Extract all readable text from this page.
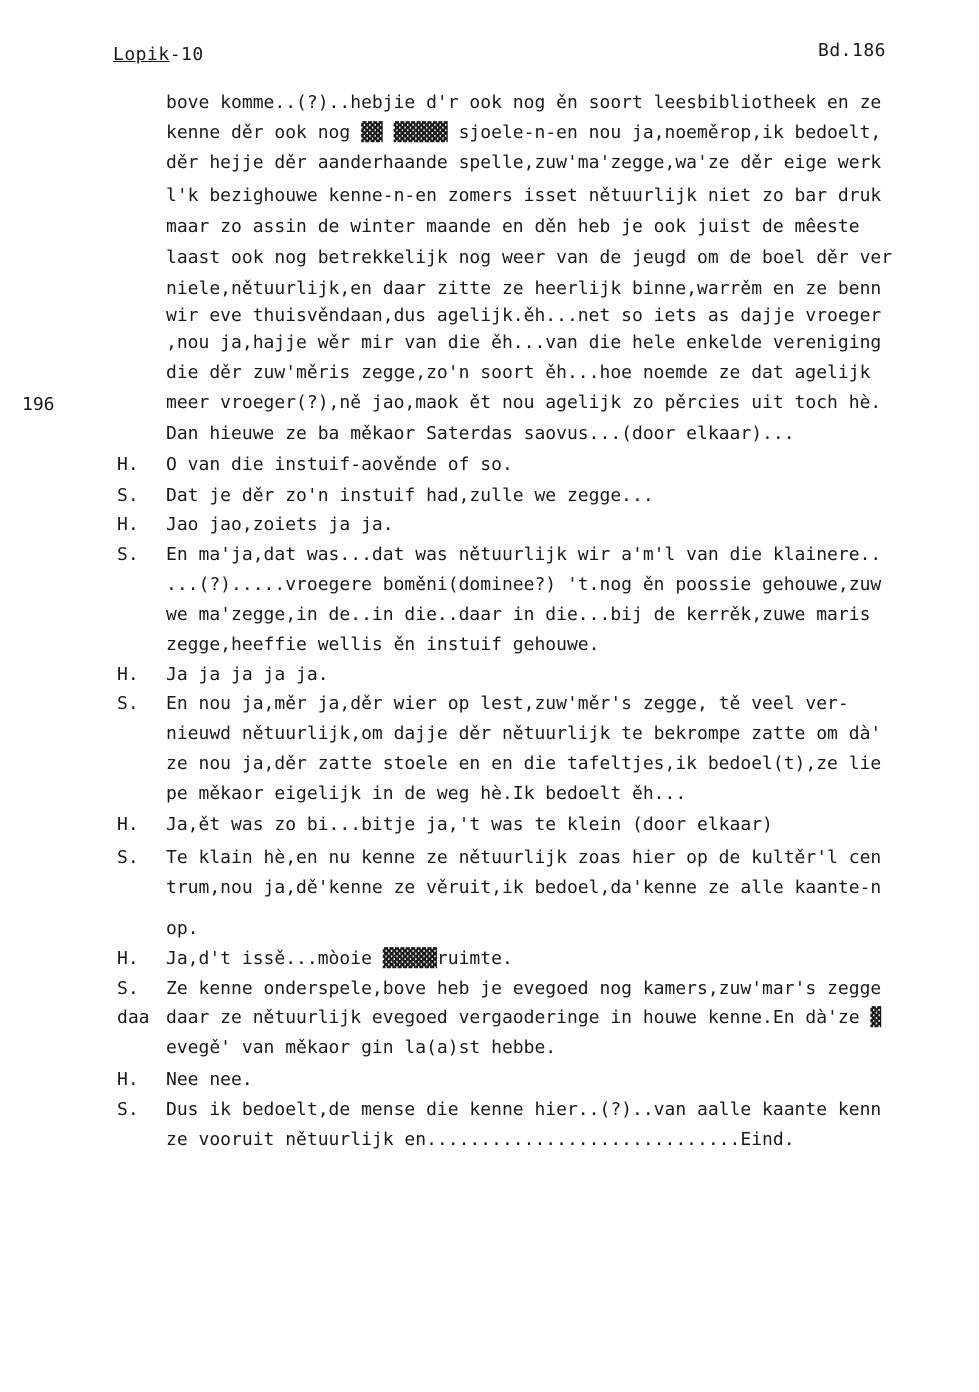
Lopik-10	Bd.186
196
bove komme..(?)..hebjie d'r ook nog ěn soort leesbibliotheek en ze
kenne děr ook nog ▓▓ ▓▓▓▓▓ sjoele-n-en nou ja,noeměrop,ik bedoelt,
děr hejje děr aanderhaande spelle,zuw'ma'zegge,wa'ze děr eige werk
l'k bezighouwe kenne-n-en zomers isset nětuurlijk niet zo bar druk
maar zo assin de winter maande en děn heb je ook juist de mêeste
laast ook nog betrekkelijk nog weer van de jeugd om de boel děr ver
niele,nětuurlijk,en daar zitte ze heerlijk binne,warrěm en ze benn
wir eve thuisvěndaan,dus agelijk.ěh...net so iets as dajje vroeger
,nou ja,hajje wěr mir van die ěh...van die hele enkelde vereniging
die děr zuw'měris zegge,zo'n soort ěh...hoe noemde ze dat agelijk
meer vroeger(?),ně jao,maok ět nou agelijk zo pěrcies uit toch hè.
Dan hieuwe ze ba měkaor Saterdas saovus...(door elkaar)...
H.	O van die instuif-aověnde of so.
S.	Dat je děr zo'n instuif had,zulle we zegge...
H.	Jao jao,zoiets ja ja.
S.	En ma'ja,dat was...dat was nětuurlijk wir a'm'l van die klainere..
...(?).....vroegere boměni(dominee?) 't.nog ěn poossie gehouwe,zuw
we ma'zegge,in de..in die..daar in die...bij de kerrěk,zuwe maris
zegge,heeffie wellis ěn instuif gehouwe.
H.	Ja ja ja ja ja.
S.	En nou ja,měr ja,děr wier op lest,zuw'měr's zegge, tě veel ver-
nieuwd nětuurlijk,om dajje děr nětuurlijk te bekrompe zatte om dà'
ze nou ja,děr zatte stoele en en die tafeltjes,ik bedoel(t),ze lie
pe měkaor eigelijk in de weg hè.Ik bedoelt ěh...
H.	Ja,ět was zo bi...bitje ja,'t was te klein (door elkaar)
S.	Te klain hè,en nu kenne ze nětuurlijk zoas hier op de kultěr'l cen
trum,nou ja,dě'kenne ze věruit,ik bedoel,da'kenne ze alle kaante-n
op.
H.	Ja,d't issě...mòoie ▓▓▓▓▓ruimte.
S.	Ze kenne onderspele,bove heb je evegoed nog kamers,zuw'mar's zegge
daa daar ze nětuurlijk evegoed vergaoderinge in houwe kenne.En dà'ze ▓
evegě' van měkaor gin la(a)st hebbe.
H.	Nee nee.
S.	Dus ik bedoelt,de mense die kenne hier..(?)..van aalle kaante kenn
ze vooruit nětuurlijk en.............................Eind.
